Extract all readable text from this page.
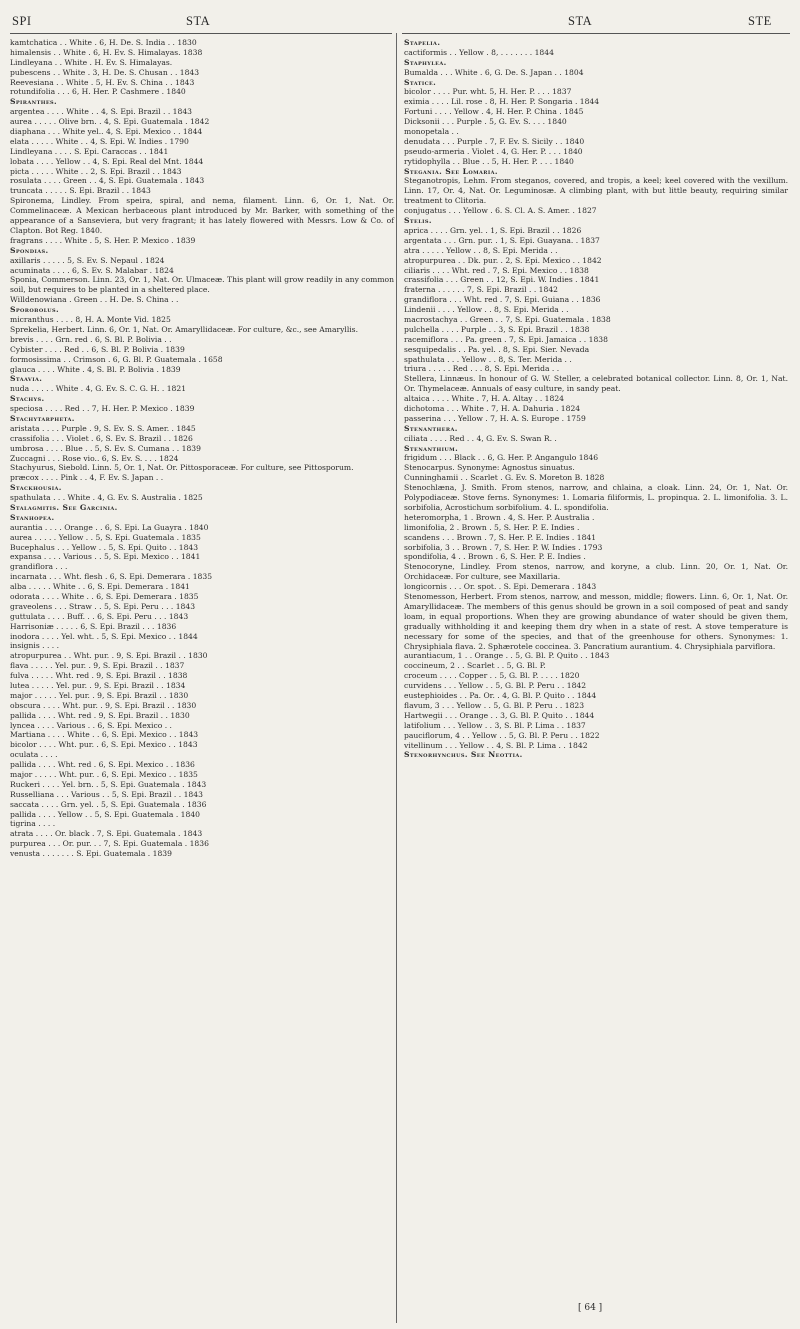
SPI	STA	STA	STE
kamtchatica . . White . 6, H. De. S. India . . 1830
himalensis . . White . 6, H. Ev. S. Himalayas. 1838
Lindleyana . . White . H. Ev. S. Himalayas.
pubescens . . White . 3, H. De. S. Chusan . . 1843
Reevesiana . . White . 5, H. Ev. S. China . . 1843
rotundifolia . . . 6, H. Her. P. Cashmere . 1840
Spiranthes.
argentea . . . . White . . 4, S. Epi. Brazil . . 1843
aurea . . . . . Olive brn. . 4, S. Epi. Guatemala . 1842
diaphana . . . White yel.. 4, S. Epi. Mexico . . 1844
elata . . . . . White . . 4, S. Epi. W. Indies . 1790
Lindleyana . . . . S. Epi. Caraccas . . 1841
lobata . . . . Yellow . . 4, S. Epi. Real del Mnt. 1844
picta . . . . . White . . 2, S. Epi. Brazil . . 1843
rosulata . . . . Green . . 4, S. Epi. Guatemala . 1843
truncata . . . . . S. Epi. Brazil . . 1843
Spironema, Lindley. From speira, spiral, and nema, filament. Linn. 6, Or. 1, Nat. Or. Commelinaceæ. A Mexican herbaceous plant introduced by Mr. Barker, with something of the appearance of a Sanseviera, but very fragrant; it has lately flowered with Messrs. Low & Co. of Clapton. Bot Reg. 1840.
fragrans . . . . White . 5, S. Her. P. Mexico . 1839
Spondias.
axillaris . . . . . 5, S. Ev. S. Nepaul . 1824
acuminata . . . . 6, S. Ev. S. Malabar . 1824
Sponia, Commerson. Linn. 23, Or. 1, Nat. Or. Ulmaceæ. This plant will grow readily in any common soil, but requires to be planted in a sheltered place.
Willdenowiana . Green . . H. De. S. China . .
Sporobolus.
micranthus . . . . 8, H. A. Monte Vid. 1825
Sprekelia, Herbert. Linn. 6, Or. 1, Nat. Or. Amaryllidaceæ. For culture, &c., see Amaryllis.
brevis . . . . Grn. red . 6, S. Bl. P. Bolivia . .
Cybister . . . . Red . . 6, S. Bl. P. Bolivia . 1839
formosissima . . Crimson . 6, G. Bl. P. Guatemala . 1658
glauca . . . . White . 4, S. Bl. P. Bolivia . 1839
Staavia.
nuda . . . . . White . 4, G. Ev. S. C. G. H. . 1821
Stachys.
speciosa . . . . Red . . 7, H. Her. P. Mexico . 1839
Stachytarpheta.
aristata . . . . Purple . 9, S. Ev. S. S. Amer. . 1845
crassifolia . . . Violet . 6, S. Ev. S. Brazil . . 1826
umbrosa . . . . Blue . . 5, S. Ev. S. Cumana . . 1839
Zuccagni . . . Rose vio.. 6, S. Ev. S. . . . 1824
Stachyurus, Siebold. Linn. 5, Or. 1, Nat. Or. Pittosporaceæ. For culture, see Pittosporum.
præcox . . . . Pink . . 4, F. Ev. S. Japan . .
Stackhousia.
spathulata . . . White . 4, G. Ev. S. Australia . 1825
Stalagmitis. See Garcinia.
Stanhopea.
aurantia . . . . Orange . . 6, S. Epi. La Guayra . 1840
aurea . . . . . Yellow . . 5, S. Epi. Guatemala . 1835
Bucephalus . . . Yellow . . 5, S. Epi. Quito . . 1843
expansa . . . . Various . . 5, S. Epi. Mexico . . 1841
grandiflora . . .
incarnata . . . Wht. flesh . 6, S. Epi. Demerara . 1835
alba . . . . . White . . 6, S. Epi. Demerara . 1841
odorata . . . . White . . 6, S. Epi. Demerara . 1835
graveolens . . . Straw . . 5, S. Epi. Peru . . . 1843
guttulata . . . . Buff. . . 6, S. Epi. Peru . . . 1843
Harrisoniæ . . . . . 6, S. Epi. Brazil . . . 1836
inodora . . . . Yel. wht. . 5, S. Epi. Mexico . . 1844
insignis . . . .
atropurpurea . . Wht. pur. . 9, S. Epi. Brazil . . 1830
flava . . . . . Yel. pur. . 9, S. Epi. Brazil . . 1837
fulva . . . . . Wht. red . 9, S. Epi. Brazil . . 1838
lutea . . . . . Yel. pur. . 9, S. Epi. Brazil . . 1834
major . . . . . Yel. pur. . 9, S. Epi. Brazil . . 1830
obscura . . . . Wht. pur. . 9, S. Epi. Brazil . . 1830
pallida . . . . Wht. red . 9, S. Epi. Brazil . . 1830
lyncea . . . . Various . . 6, S. Epi. Mexico . .
Martiana . . . . White . . 6, S. Epi. Mexico . . 1843
bicolor . . . . Wht. pur. . 6, S. Epi. Mexico . . 1843
oculata . . . .
pallida . . . . Wht. red . 6, S. Epi. Mexico . . 1836
major . . . . . Wht. pur. . 6, S. Epi. Mexico . . 1835
Ruckeri . . . . Yel. brn. . 5, S. Epi. Guatemala . 1843
Russelliana . . . Various . . 5, S. Epi. Brazil . . 1843
saccata . . . . Grn. yel. . 5, S. Epi. Guatemala . 1836
pallida . . . . Yellow . . 5, S. Epi. Guatemala . 1840
tigrina . . . .
atrata . . . . Or. black . 7, S. Epi. Guatemala . 1843
purpurea . . . Or. pur. . . 7, S. Epi. Guatemala . 1836
venusta . . . . . . . S. Epi. Guatemala . 1839
Stapelia.
cactiformis . . Yellow . 8, . . . . . . . 1844
Staphylea.
Bumalda . . . White . 6, G. De. S. Japan . . 1804
Statice.
bicolor . . . . Pur. wht. 5, H. Her. P. . . . 1837
eximia . . . . Lil. rose . 8, H. Her. P. Songaria . 1844
Fortuni . . . . Yellow . 4, H. Her. P. China . 1845
Dicksonii . . . Purple . 5, G. Ev. S. . . . 1840
monopetala . .
denudata . . . Purple . 7, F. Ev. S. Sicily . . 1840
pseudo-armeria . Violet . 4, G. Her. P. . . . 1840
rytidophylla . . Blue . . 5, H. Her. P. . . . 1840
Stegania. See Lomaria.
Steganotropis, Lehm. From steganos, covered, and tropis, a keel; keel covered with the vexillum. Linn. 17, Or. 4, Nat. Or. Leguminosæ. A climbing plant, with but little beauty, requiring similar treatment to Clitoria.
conjugatus . . . Yellow . 6. S. Cl. A. S. Amer. . 1827
Stelis.
aprica . . . . Grn. yel. . 1, S. Epi. Brazil . . 1826
argentata . . . Grn. pur. . 1, S. Epi. Guayana. . 1837
atra . . . . . Yellow . . 8, S. Epi. Merida . .
atropurpurea . . Dk. pur. . 2, S. Epi. Mexico . . 1842
ciliaris . . . . Wht. red . 7, S. Epi. Mexico . . 1838
crassifolia . . . Green . . 12, S. Epi. W. Indies . 1841
fraterna . . . . . . 7, S. Epi. Brazil . . 1842
grandiflora . . . Wht. red . 7, S. Epi. Guiana . . 1836
Lindenii . . . . Yellow . . 8, S. Epi. Merida . .
macrostachya . . Green . . 7, S. Epi. Guatemala . 1838
pulchella . . . . Purple . . 3, S. Epi. Brazil . . 1838
racemiflora . . . Pa. green . 7, S. Epi. Jamaica . . 1838
sesquipedalis . . Pa. yel. . 8, S. Epi. Sier. Nevada
spathulata . . . Yellow . . 8, S. Ter. Merida . .
triura . . . . . Red . . . 8, S. Epi. Merida . .
Stellera, Linnæus. In honour of G. W. Steller, a celebrated botanical collector. Linn. 8, Or. 1, Nat. Or. Thymelaceæ. Annuals of easy culture, in sandy peat.
altaica . . . . White . 7, H. A. Altay . . 1824
dichotoma . . . White . 7, H. A. Dahuria . 1824
passerina . . . Yellow . 7, H. A. S. Europe . 1759
Stenanthera.
ciliata . . . . Red . . 4, G. Ev. S. Swan R. .
Stenanthium.
frigidum . . . Black . . 6, G. Her. P. Angangulo 1846
Stenocarpus. Synonyme: Agnostus sinuatus.
Cunninghamii . . Scarlet . G. Ev. S. Moreton B. 1828
Stenochlæna, J. Smith. From stenos, narrow, and chlaina, a cloak. Linn. 24, Or. 1, Nat. Or. Polypodiaceæ. Stove ferns. Synonymes: 1. Lomaria filiformis, L. propinqua. 2. L. limonifolia. 3. L. sorbifolia, Acrostichum sorbifolium. 4. L. spondifolia.
heteromorpha, 1 . Brown . 4, S. Her. P. Australia .
limonifolia, 2 . Brown . 5, S. Her. P. E. Indies .
scandens . . . Brown . 7, S. Her. P. E. Indies . 1841
sorbifolia, 3 . . Brown . 7, S. Her. P. W. Indies . 1793
spondifolia, 4 . . Brown . 6, S. Her. P. E. Indies .
Stenocoryne, Lindley. From stenos, narrow, and koryne, a club. Linn. 20, Or. 1, Nat. Or. Orchidaceæ. For culture, see Maxillaria.
longicornis . . . Or. spot. . S. Epi. Demerara . 1843
Stenomesson, Herbert. From stenos, narrow, and messon, middle; flowers. Linn. 6, Or. 1, Nat. Or. Amaryllidaceæ. The members of this genus should be grown in a soil composed of peat and sandy loam, in equal proportions. When they are growing abundance of water should be given them, gradually withholding it and keeping them dry when in a state of rest. A stove temperature is necessary for some of the species, and that of the greenhouse for others. Synonymes: 1. Chrysiphiala flava. 2. Sphærotele coccinea. 3. Pancratium aurantium. 4. Chrysiphiala parviflora.
aurantiacum, 1 . . Orange . . 5, G. Bl. P. Quito . . 1843
coccineum, 2 . . Scarlet . . 5, G. Bl. P.
croceum . . . . Copper . . 5, G. Bl. P. . . . . 1820
curvidens . . . Yellow . . 5, G. Bl. P. Peru . . 1842
eustephioides . . Pa. Or. . 4, G. Bl. P. Quito . . 1844
flavum, 3 . . . Yellow . . 5, G. Bl. P. Peru . . 1823
Hartwegii . . . Orange . . 3, G. Bl. P. Quito . . 1844
latifolium . . . Yellow . . 3, S. Bl. P. Lima . . 1837
pauciflorum, 4 . . Yellow . . 5, G. Bl. P. Peru . . 1822
vitellinum . . . Yellow . . 4, S. Bl. P. Lima . . 1842
Stenorhynchus. See Neottia.
[ 64 ]
